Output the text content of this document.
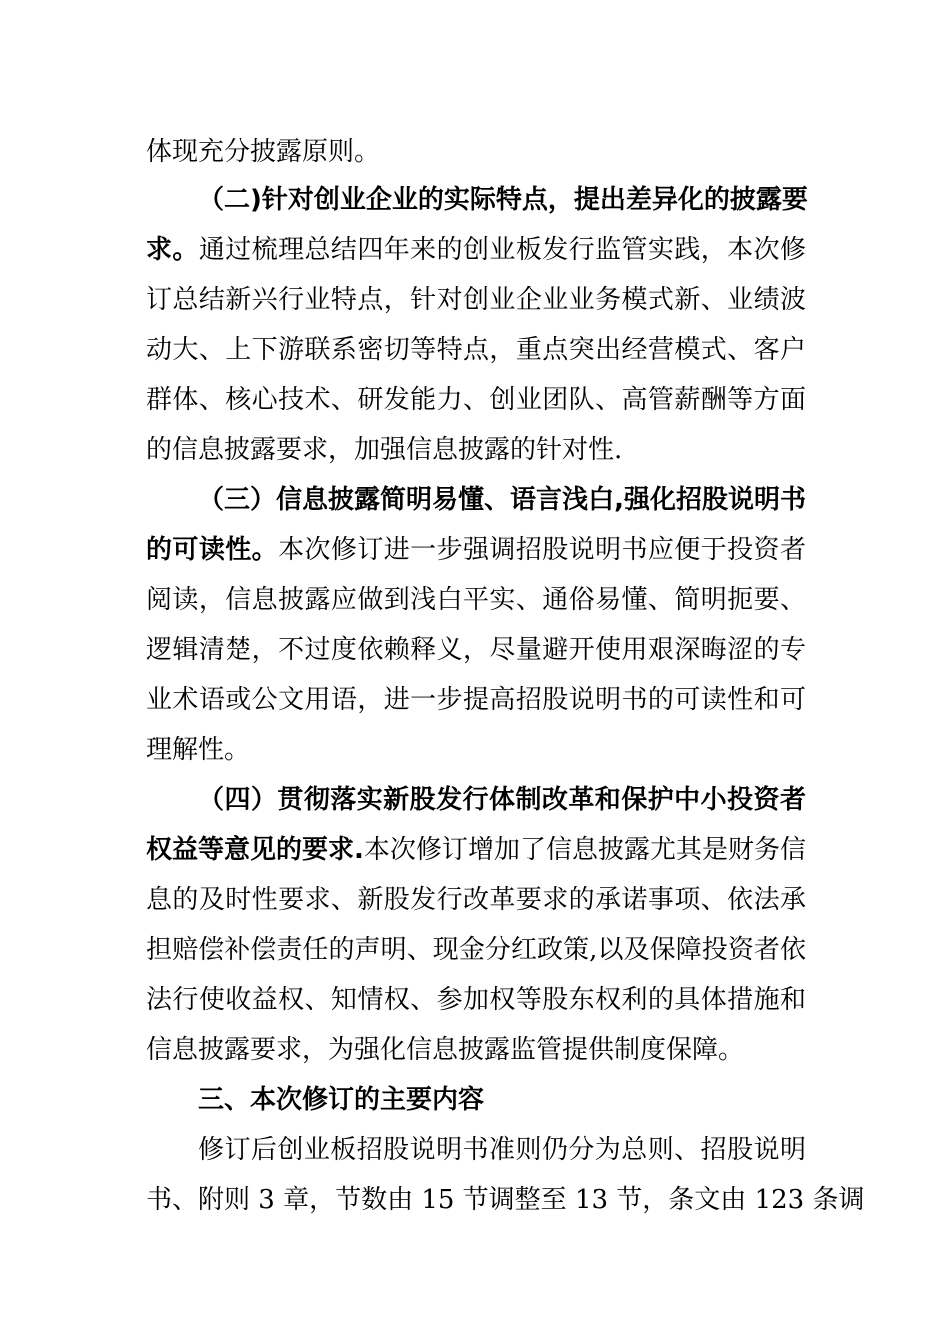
体现充分披露原则。
（二)针对创业企业的实际特点，提出差异化的披露要
求。通过梳理总结四年来的创业板发行监管实践，本次修
订总结新兴行业特点，针对创业企业业务模式新、业绩波
动大、上下游联系密切等特点，重点突出经营模式、客户
群体、核心技术、研发能力、创业团队、高管薪酬等方面
的信息披露要求，加强信息披露的针对性.
（三）信息披露简明易懂、语言浅白,强化招股说明书
的可读性。本次修订进一步强调招股说明书应便于投资者
阅读，信息披露应做到浅白平实、通俗易懂、简明扼要、
逻辑清楚，不过度依赖释义，尽量避开使用艰深晦涩的专
业术语或公文用语，进一步提高招股说明书的可读性和可
理解性。
（四）贯彻落实新股发行体制改革和保护中小投资者
权益等意见的要求.本次修订增加了信息披露尤其是财务信
息的及时性要求、新股发行改革要求的承诺事项、依法承
担赔偿补偿责任的声明、现金分红政策,以及保障投资者依
法行使收益权、知情权、参加权等股东权利的具体措施和
信息披露要求，为强化信息披露监管提供制度保障。
三、本次修订的主要内容
修订后创业板招股说明书准则仍分为总则、招股说明
书、附则 3 章，节数由 15 节调整至 13 节，条文由 123 条调
